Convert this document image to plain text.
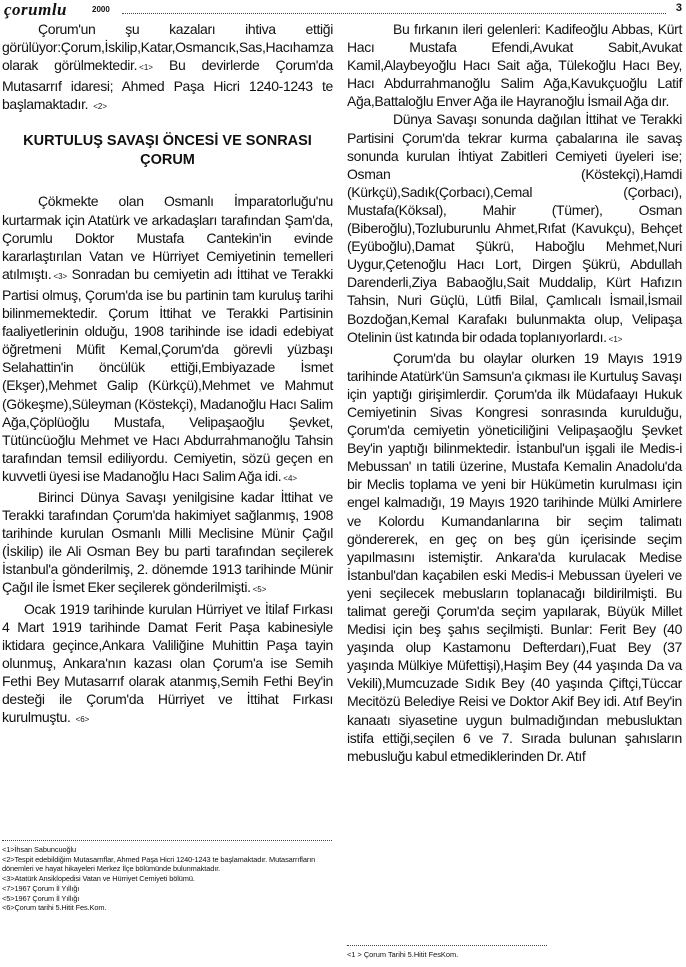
çorumlu	2000	3

Çorum'un şu kazaları ihtiva ettiği görülüyor:Çorum,İskilip,Katar,Osmancık,Sas,Hacıhamza olarak görülmektedir. <1> Bu devirlerde Çorum'da Mutasarrıf idaresi; Ahmed Paşa Hicri 1240-1243 te başlamaktadır. <2>

KURTULUŞ SAVAŞI ÖNCESİ VE SONRASI ÇORUM

Çökmekte olan Osmanlı İmparatorluğu'nu kurtarmak için Atatürk ve arkadaşları tarafından Şam'da, Çorumlu Doktor Mustafa Cantekin'in evinde kararlaştırılan Vatan ve Hürriyet Cemiyetinin temelleri atılmıştı. <3> Sonradan bu cemiyetin adı İttihat ve Terakki Partisi olmuş, Çorum'da ise bu partinin tam kuruluş tarihi bilinmemektedir. Çorum İttihat ve Terakki Partisinin faaliyetlerinin olduğu, 1908 tarihinde ise idadi edebiyat öğretmeni Müfit Kemal,Çorum'da görevli yüzbaşı Selahattin'in öncülük ettiği,Embiyazade İsmet (Ekşer),Mehmet Galip (Kürkçü),Mehmet ve Mahmut (Gökeşme),Süleyman (Köstekçi), Madanoğlu Hacı Salim Ağa,Çöplüoğlu Mustafa, Velipaşaoğlu Şevket, Tütüncüoğlu Mehmet ve Hacı Abdurrahmanoğlu Tahsin tarafından temsil ediliyordu. Cemiyetin, sözü geçen en kuvvetli üyesi ise Madanoğlu Hacı Salim Ağa idi. <4>

Birinci Dünya Savaşı yenilgisine kadar İttihat ve Terakki tarafından Çorum'da hakimiyet sağlanmış, 1908 tarihinde kurulan Osmanlı Milli Meclisine Münir Çağıl (İskilip) ile Ali Osman Bey bu parti tarafından seçilerek İstanbul'a gönderilmiş, 2. dönemde 1913 tarihinde Münir Çağıl ile İsmet Eker seçilerek gönderilmişti. <5>

Ocak 1919 tarihinde kurulan Hürriyet ve İtilaf Fırkası 4 Mart 1919 tarihinde Damat Ferit Paşa kabinesiyle iktidara geçince,Ankara Valiliğine Muhittin Paşa tayin olunmuş, Ankara'nın kazası olan Çorum'a ise Semih Fethi Bey Mutasarrıf olarak atanmış,Semih Fethi Bey'in desteği ile Çorum'da Hürriyet ve İttihat Fırkası kurulmuştu. <6>

<1>İhsan Sabuncuoğlu
<2>Tespit edebildiğim Mutasarrıflar, Ahmed Paşa Hicri 1240-1243 te başlamaktadır. Mutasarrıfların dönemleri ve hayat hikayeleri Merkez İlçe bölümünde bulunmaktadır.
<3>Atatürk Ansiklopedisi Vatan ve Hürriyet Cemiyeti bölümü.
<7>1967 Çorum İl Yıllığı
<5>1967 Çorum İl Yıllığı
<6>Çorum tarihi 5.Hitit Fes.Kom.

Bu fırkanın ileri gelenleri: Kadifeoğlu Abbas, Kürt Hacı Mustafa Efendi,Avukat Sabit,Avukat Kamil,Alaybeyoğlu Hacı Sait ağa, Tülekoğlu Hacı Bey, Hacı Abdurrahmanoğlu Salim Ağa,Kavukçuoğlu Latif Ağa,Battaloğlu Enver Ağa ile Hayranoğlu İsmail Ağa dır.

Dünya Savaşı sonunda dağılan İttihat ve Terakki Partisini Çorum'da tekrar kurma çabalarına ile savaş sonunda kurulan İhtiyat Zabitleri Cemiyeti üyeleri ise; Osman (Köstekçi),Hamdi (Kürkçü),Sadık(Çorbacı),Cemal (Çorbacı), Mustafa(Köksal), Mahir (Tümer), Osman (Biberoğlu),Tozluburunlu Ahmet,Rıfat (Kavukçu), Behçet (Eyüboğlu),Damat Şükrü, Haboğlu Mehmet,Nuri Uygur,Çetenoğlu Hacı Lort, Dirgen Şükrü, Abdullah Darenderli,Ziya Babaoğlu,Sait Muddalip, Kürt Hafızın Tahsin, Nuri Güçlü, Lütfi Bilal, Çamlıcalı İsmail,İsmail Bozdoğan,Kemal Karafakı bulunmakta olup, Velipaşa Otelinin üst katında bir odada toplanıyorlardı. <1>

Çorum'da bu olaylar olurken 19 Mayıs 1919 tarihinde Atatürk'ün Samsun'a çıkması ile Kurtuluş Savaşı için yaptığı girişimlerdir. Çorum'da ilk Müdafaayı Hukuk Cemiyetinin Sivas Kongresi sonrasında kurulduğu, Çorum'da cemiyetin yöneticiliğini Velipaşaoğlu Şevket Bey'in yaptığı bilinmektedir. İstanbul'un işgali ile Medis-i Mebussan' ın tatili üzerine, Mustafa Kemalin Anadolu'da bir Meclis toplama ve yeni bir Hükümetin kurulması için engel kalmadığı, 19 Mayıs 1920 tarihinde Mülki Amirlere ve Kolordu Kumandanlarına bir seçim talimatı göndererek, en geç on beş gün içerisinde seçim yapılmasını istemiştir. Ankara'da kurulacak Medise İstanbul'dan kaçabilen eski Medis-i Mebussan üyeleri ve yeni seçilecek mebusların toplanacağı bildirilmişti. Bu talimat gereği Çorum'da seçim yapılarak, Büyük Millet Medisi için beş şahıs seçilmişti. Bunlar: Ferit Bey (40 yaşında olup Kastamonu Defterdarı),Fuat Bey (37 yaşında Mülkiye Müfettişi),Haşim Bey (44 yaşında Da va Vekili),Mumcuzade Sıdık Bey (40 yaşında Çiftçi,Tüccar Mecitözü Belediye Reisi ve Doktor Akif Bey idi. Atıf Bey'in kanaatı siyasetine uygun bulmadığından mebusluktan istifa ettiği,seçilen 6 ve 7. Sırada bulunan şahısların mebusluğu kabul etmediklerinden Dr. Atıf

<1 > Çorum Tarihi 5.Hitit FesKom.
